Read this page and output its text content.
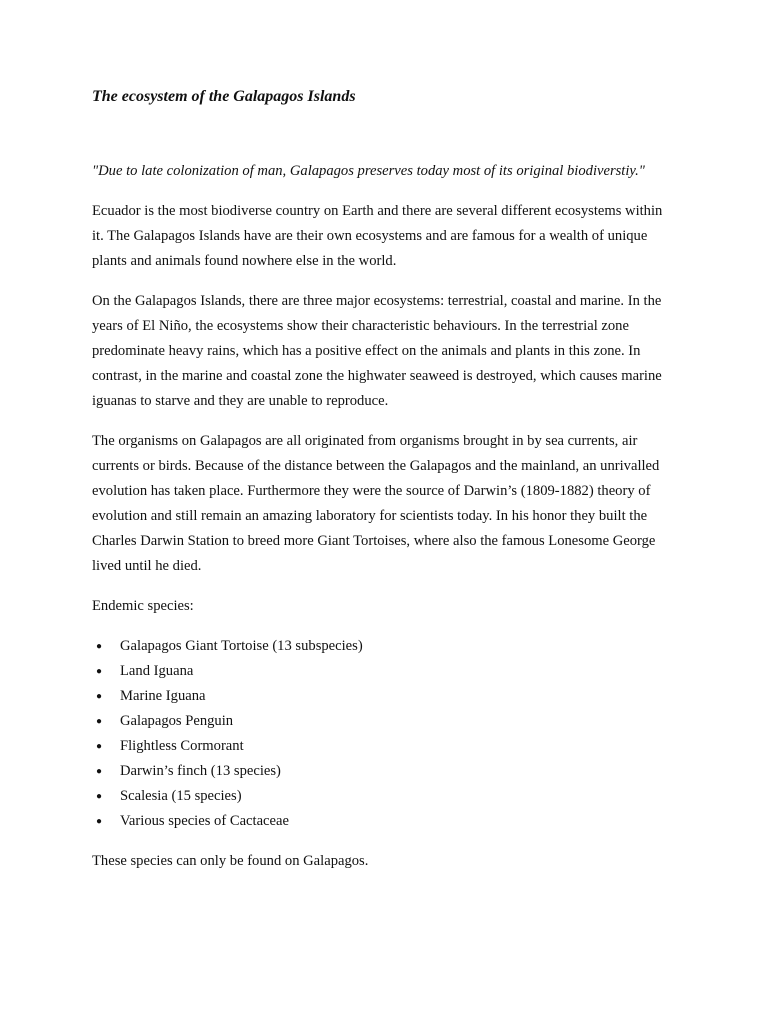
The ecosystem of the Galapagos Islands

"Due to late colonization of man, Galapagos preserves today most of its original biodiverstiy."

Ecuador is the most biodiverse country on Earth and there are several different ecosystems within it. The Galapagos Islands have are their own ecosystems and are famous for a wealth of unique plants and animals found nowhere else in the world.

On the Galapagos Islands, there are three major ecosystems: terrestrial, coastal and marine. In the years of El Niño, the ecosystems show their characteristic behaviours. In the terrestrial zone predominate heavy rains, which has a positive effect on the animals and plants in this zone. In contrast, in the marine and coastal zone the highwater seaweed is destroyed, which causes marine iguanas to starve and they are unable to reproduce.

The organisms on Galapagos are all originated from organisms brought in by sea currents, air currents or birds. Because of the distance between the Galapagos and the mainland, an unrivalled evolution has taken place. Furthermore they were the source of Darwin’s (1809-1882) theory of evolution and still remain an amazing laboratory for scientists today. In his honor they built the Charles Darwin Station to breed more Giant Tortoises, where also the famous Lonesome George lived until he died.

Endemic species:

● Galapagos Giant Tortoise (13 subspecies)
● Land Iguana
● Marine Iguana
● Galapagos Penguin
● Flightless Cormorant
● Darwin’s finch (13 species)
● Scalesia (15 species)
● Various species of Cactaceae

These species can only be found on Galapagos.
